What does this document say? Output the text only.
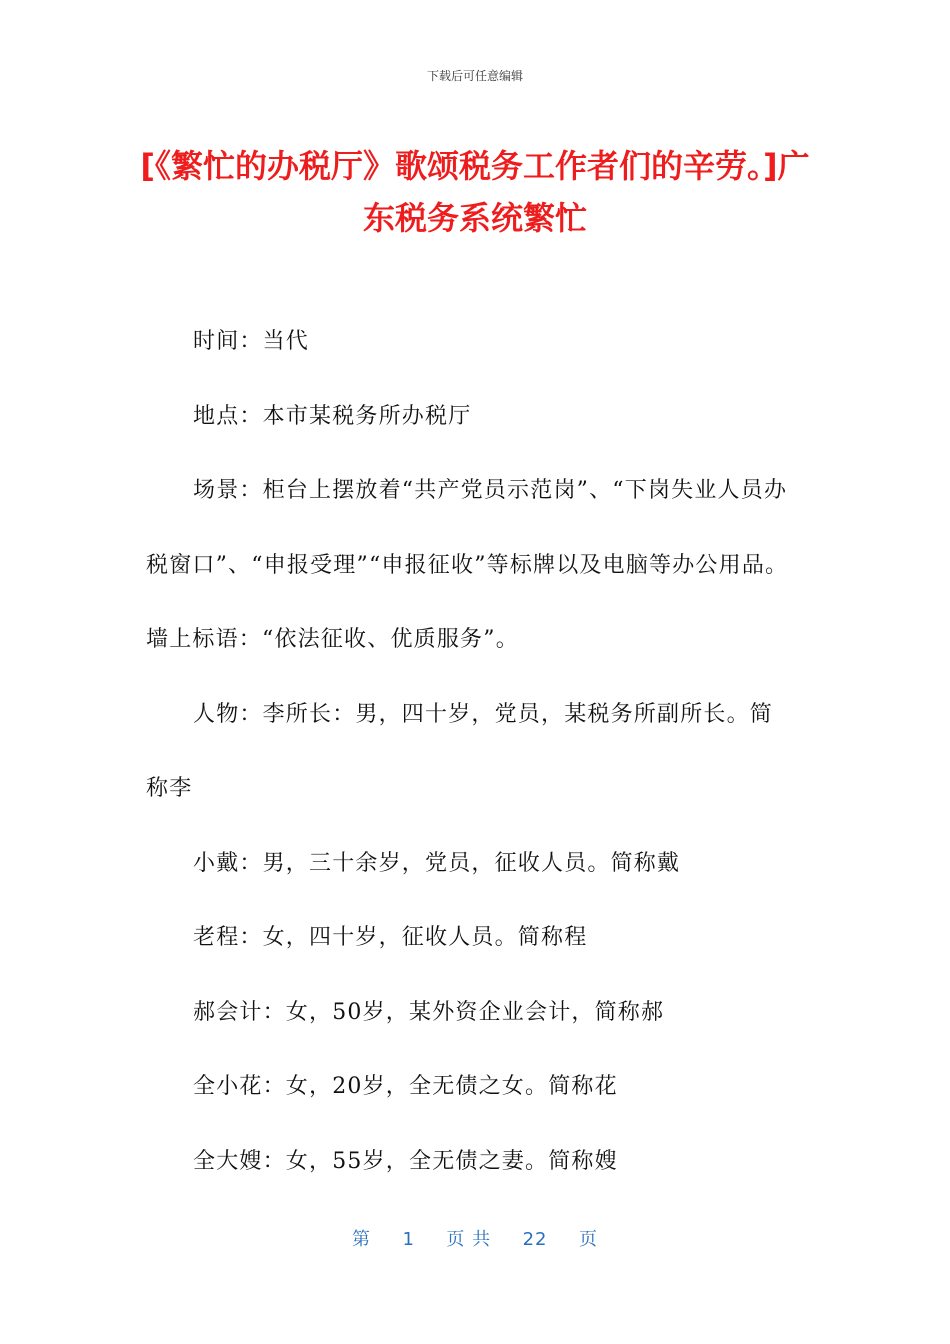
下载后可任意编辑
[《繁忙的办税厅》歌颂税务工作者们的辛劳。]广东税务系统繁忙

时间：当代

地点：本市某税务所办税厅

场景：柜台上摆放着“共产党员示范岗”、“下岗失业人员办税窗口”、“申报受理”“申报征收”等标牌以及电脑等办公用品。墙上标语：“依法征收、优质服务”。

人物：李所长：男，四十岁，党员，某税务所副所长。简称李

小戴：男，三十余岁，党员，征收人员。简称戴

老程：女，四十岁，征收人员。简称程

郝会计：女，50岁，某外资企业会计，简称郝

全小花：女，20岁，全无债之女。简称花

全大嫂：女，55岁，全无债之妻。简称嫂

第 1 页 共 22 页
